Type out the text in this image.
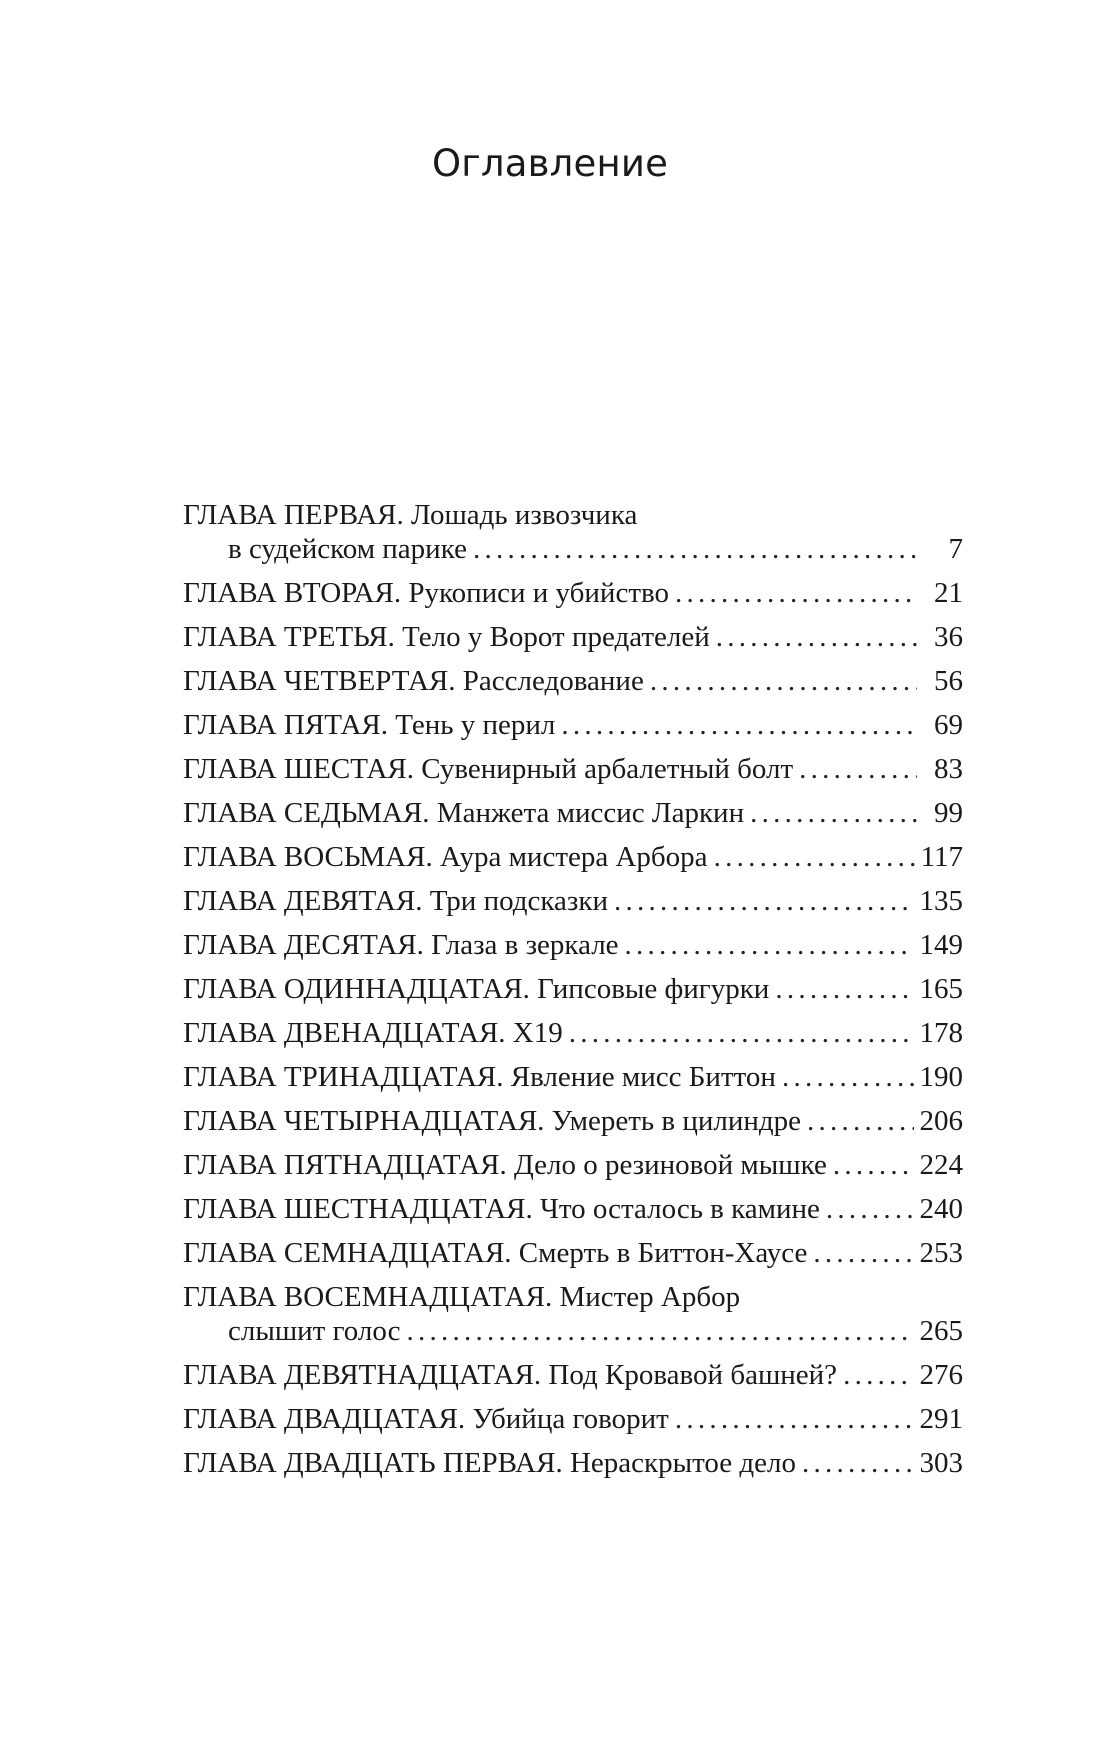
Оглавление
ГЛАВА ПЕРВАЯ. Лошадь извозчика
в судейском парике . . .	7
ГЛАВА ВТОРАЯ. Рукописи и убийство . . .	21
ГЛАВА ТРЕТЬЯ. Тело у Ворот предателей . . .	36
ГЛАВА ЧЕТВЕРТАЯ. Расследование . . .	56
ГЛАВА ПЯТАЯ. Тень у перил . . .	69
ГЛАВА ШЕСТАЯ. Сувенирный арбалетный болт . . .	83
ГЛАВА СЕДЬМАЯ. Манжета миссис Ларкин . . .	99
ГЛАВА ВОСЬМАЯ. Аура мистера Арбора . . .	117
ГЛАВА ДЕВЯТАЯ. Три подсказки . . .	135
ГЛАВА ДЕСЯТАЯ. Глаза в зеркале . . .	149
ГЛАВА ОДИННАДЦАТАЯ. Гипсовые фигурки . . .	165
ГЛАВА ДВЕНАДЦАТАЯ. X19 . . .	178
ГЛАВА ТРИНАДЦАТАЯ. Явление мисс Биттон . . .	190
ГЛАВА ЧЕТЫРНАДЦАТАЯ. Умереть в цилиндре . . .	206
ГЛАВА ПЯТНАДЦАТАЯ. Дело о резиновой мышке . . .	224
ГЛАВА ШЕСТНАДЦАТАЯ. Что осталось в камине . . .	240
ГЛАВА СЕМНАДЦАТАЯ. Смерть в Биттон-Хаусе . . .	253
ГЛАВА ВОСЕМНАДЦАТАЯ. Мистер Арбор
слышит голос . . .	265
ГЛАВА ДЕВЯТНАДЦАТАЯ. Под Кровавой башней? . . .	276
ГЛАВА ДВАДЦАТАЯ. Убийца говорит . . .	291
ГЛАВА ДВАДЦАТЬ ПЕРВАЯ. Нераскрытое дело . . .	303
